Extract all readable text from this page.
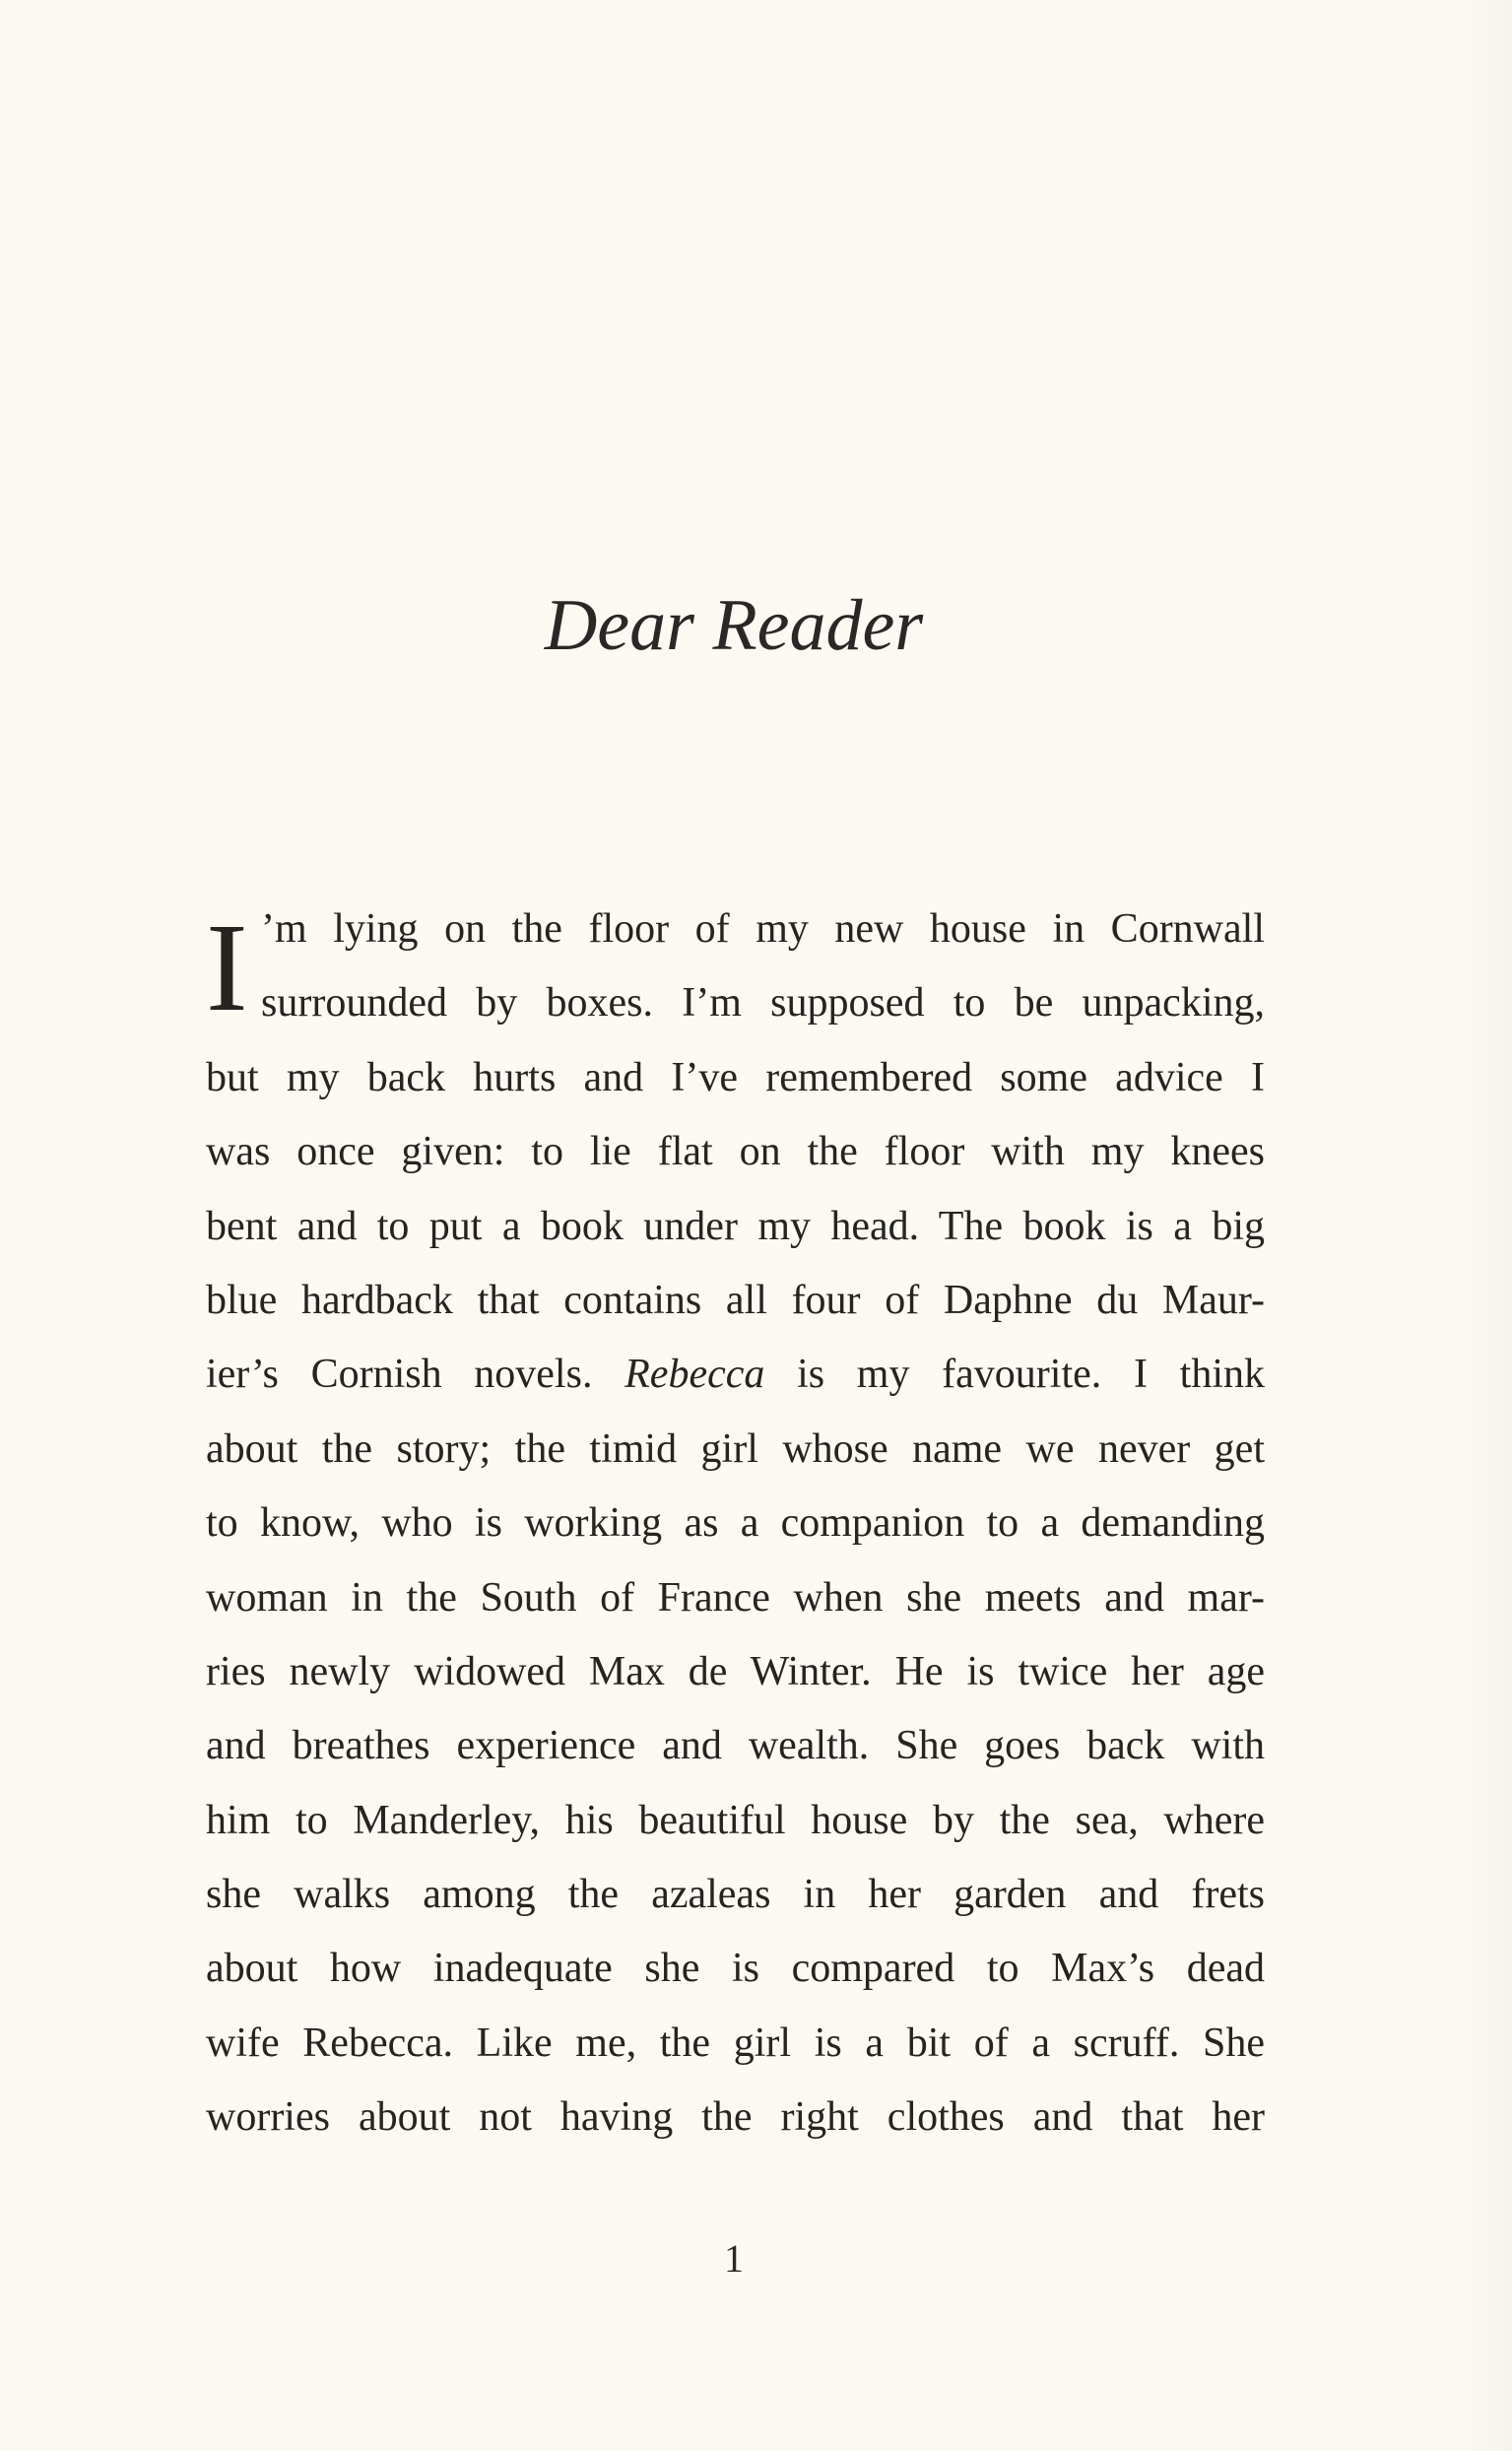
Dear Reader
I ’m lying on the floor of my new house in Cornwall
surrounded by boxes. I’m supposed to be unpacking,
but my back hurts and I’ve remembered some advice I
was once given: to lie flat on the floor with my knees
bent and to put a book under my head. The book is a big
blue hardback that contains all four of Daphne du Maur-
ier’s Cornish novels. Rebecca is my favourite. I think
about the story; the timid girl whose name we never get
to know, who is working as a companion to a demanding
woman in the South of France when she meets and mar-
ries newly widowed Max de Winter. He is twice her age
and breathes experience and wealth. She goes back with
him to Manderley, his beautiful house by the sea, where
she walks among the azaleas in her garden and frets
about how inadequate she is compared to Max’s dead
wife Rebecca. Like me, the girl is a bit of a scruff. She
worries about not having the right clothes and that her
1
